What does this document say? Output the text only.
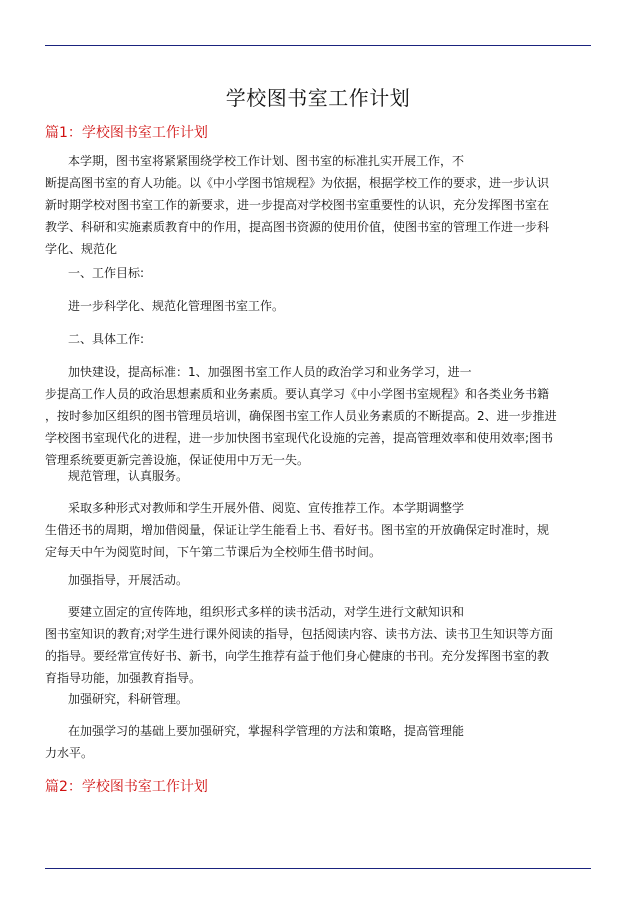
学校图书室工作计划
篇1：学校图书室工作计划
本学期，图书室将紧紧围绕学校工作计划、图书室的标准扎实开展工作，不
断提高图书室的育人功能。以《中小学图书馆规程》为依据，根据学校工作的要求，进一步认识
新时期学校对图书室工作的新要求，进一步提高对学校图书室重要性的认识，充分发挥图书室在
教学、科研和实施素质教育中的作用，提高图书资源的使用价值，使图书室的管理工作进一步科
学化、规范化
一、工作目标:
进一步科学化、规范化管理图书室工作。
二、具体工作:
加快建设，提高标准：1、加强图书室工作人员的政治学习和业务学习，进一
步提高工作人员的政治思想素质和业务素质。要认真学习《中小学图书室规程》和各类业务书籍
，按时参加区组织的图书管理员培训，确保图书室工作人员业务素质的不断提高。2、进一步推进
学校图书室现代化的进程，进一步加快图书室现代化设施的完善，提高管理效率和使用效率;图书
管理系统要更新完善设施，保证使用中万无一失。
规范管理，认真服务。
采取多种形式对教师和学生开展外借、阅览、宣传推荐工作。本学期调整学
生借还书的周期，增加借阅量，保证让学生能看上书、看好书。图书室的开放确保定时准时，规
定每天中午为阅览时间，下午第二节课后为全校师生借书时间。
加强指导，开展活动。
要建立固定的宣传阵地，组织形式多样的读书活动，对学生进行文献知识和
图书室知识的教育;对学生进行课外阅读的指导，包括阅读内容、读书方法、读书卫生知识等方面
的指导。要经常宣传好书、新书，向学生推荐有益于他们身心健康的书刊。充分发挥图书室的教
育指导功能，加强教育指导。
加强研究，科研管理。
在加强学习的基础上要加强研究，掌握科学管理的方法和策略，提高管理能
力水平。
篇2：学校图书室工作计划
